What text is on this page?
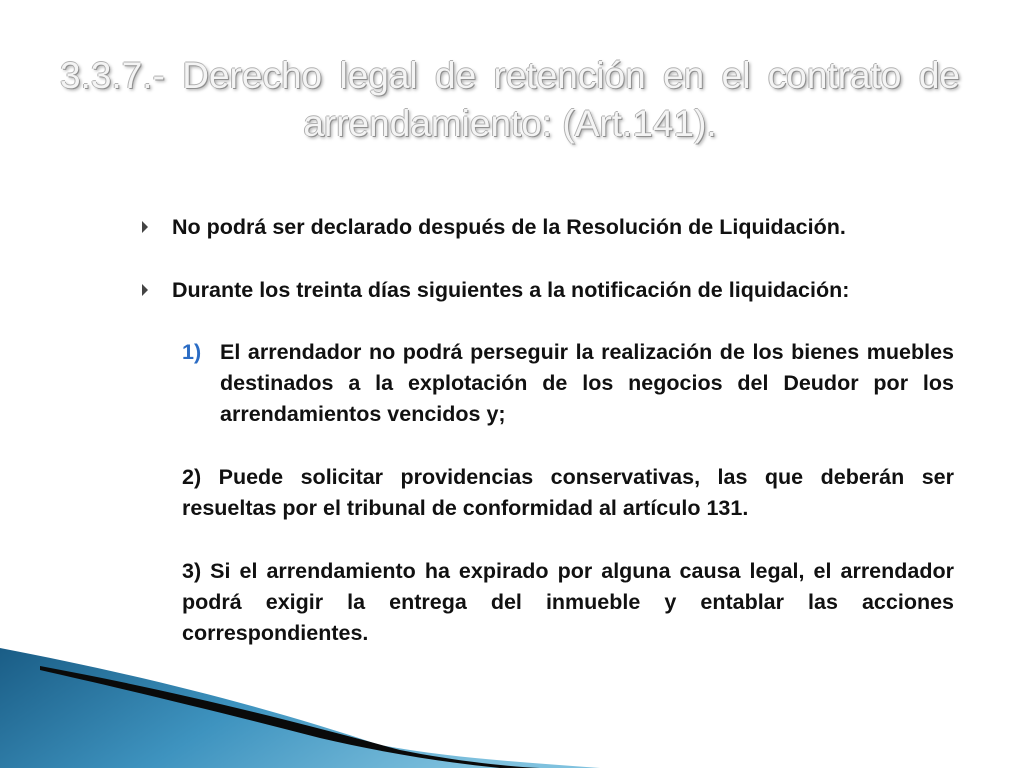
3.3.7.- Derecho legal de retención en el contrato de arrendamiento: (Art.141).

No podrá ser declarado después de la Resolución de Liquidación.

Durante los treinta días siguientes a la notificación de liquidación:

1) El arrendador no podrá perseguir la realización de los bienes muebles destinados a la explotación de los negocios del Deudor por los arrendamientos vencidos y;

2) Puede solicitar providencias conservativas, las que deberán ser resueltas por el tribunal de conformidad al artículo 131.

3) Si el arrendamiento ha expirado por alguna causa legal, el arrendador podrá exigir la entrega del inmueble y entablar las acciones correspondientes.
